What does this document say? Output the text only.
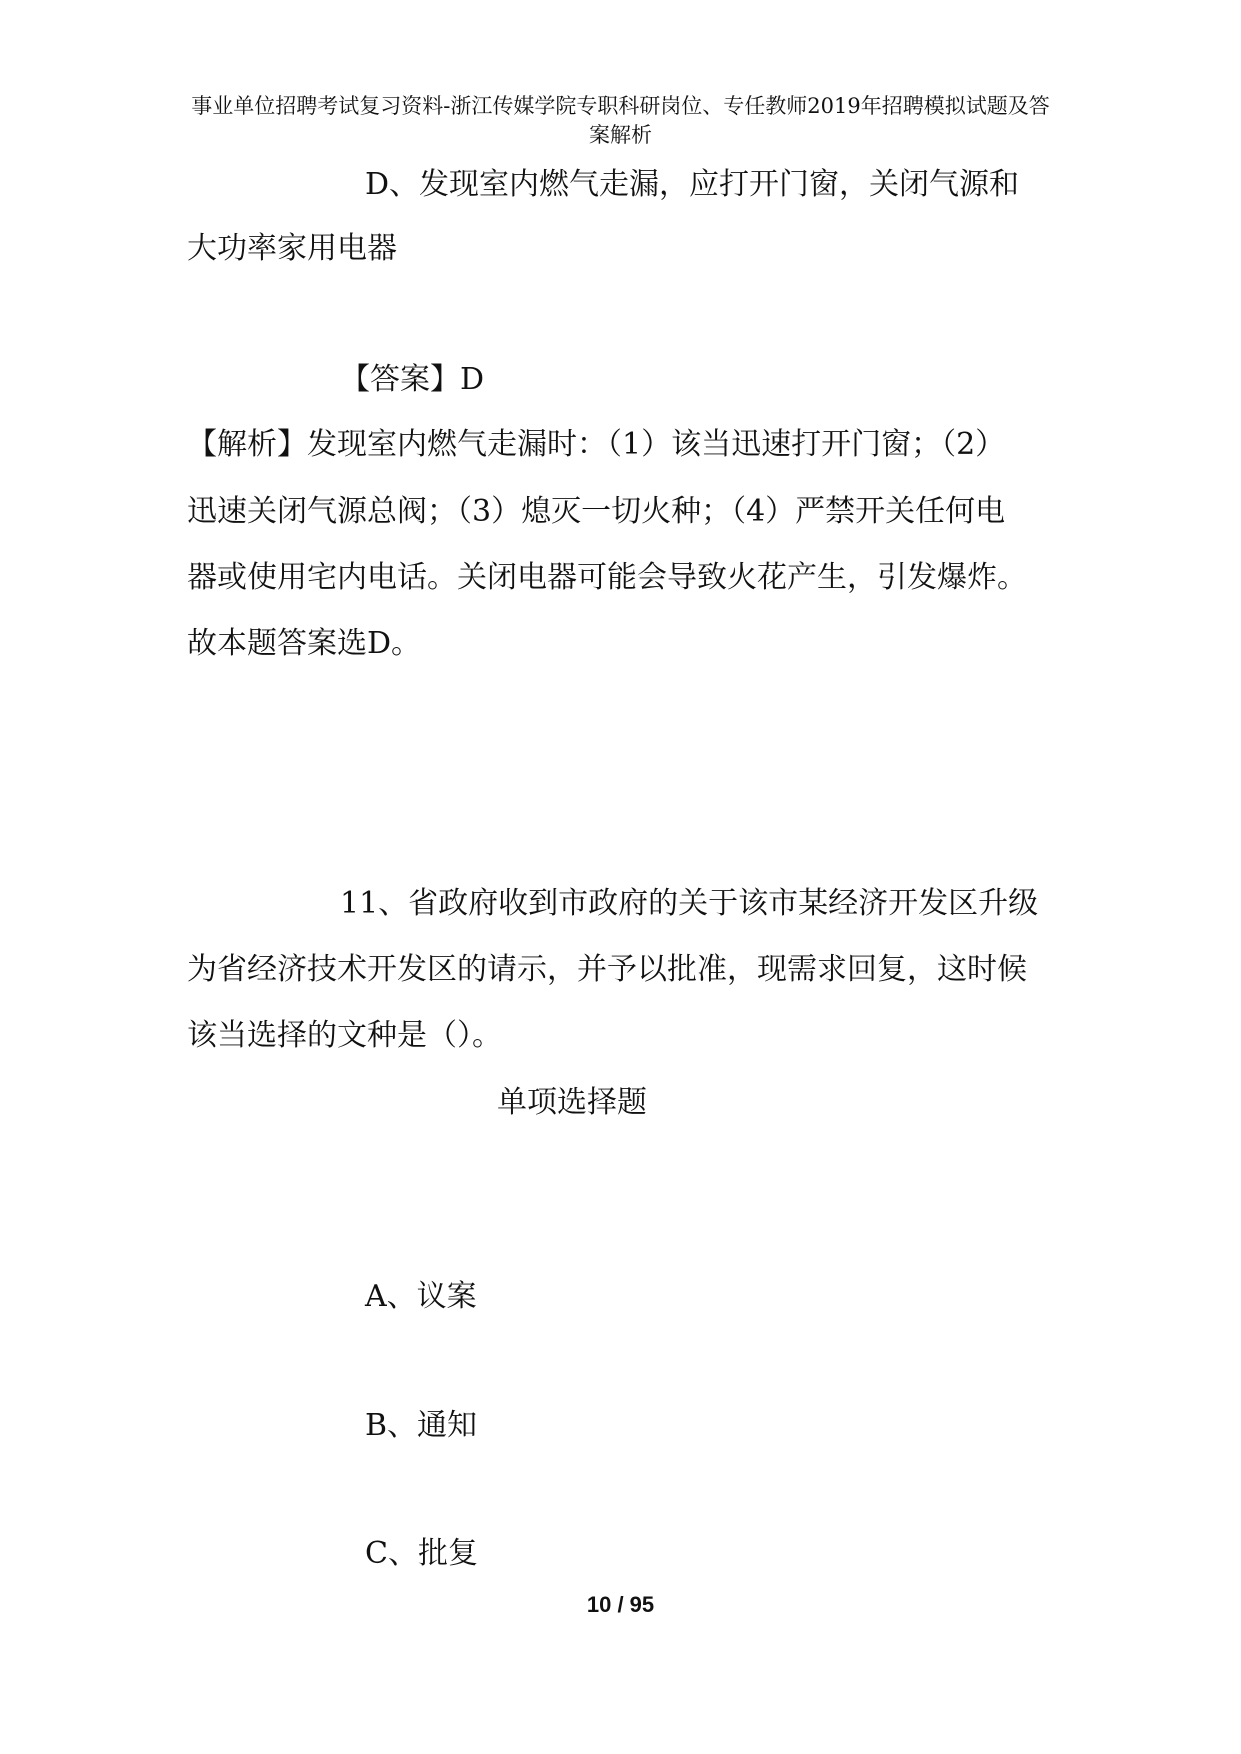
事业单位招聘考试复习资料-浙江传媒学院专职科研岗位、专任教师2019年招聘模拟试题及答
案解析
D、发现室内燃气走漏，应打开门窗，关闭气源和
大功率家用电器
【答案】D
【解析】发现室内燃气走漏时：（1）该当迅速打开门窗；（2）
迅速关闭气源总阀；（3）熄灭一切火种；（4）严禁开关任何电
器或使用宅内电话。关闭电器可能会导致火花产生，引发爆炸。
故本题答案选D。
11、省政府收到市政府的关于该市某经济开发区升级
为省经济技术开发区的请示，并予以批准，现需求回复，这时候
该当选择的文种是（）。
单项选择题
A、议案
B、通知
C、批复
10 / 95
